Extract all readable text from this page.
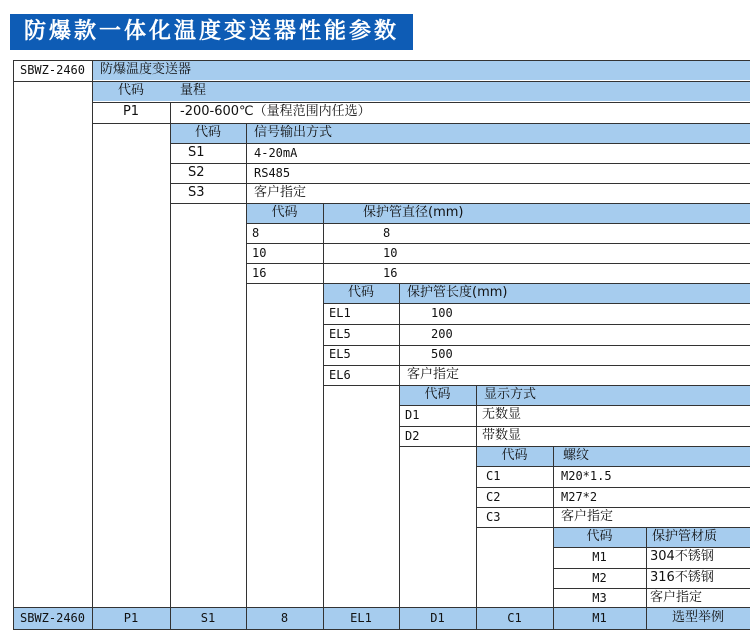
防爆款一体化温度变送器性能参数
SBWZ-2460	防爆温度变送器
代码	量程
P1	-200-600℃（量程范围内任选）
代码	信号输出方式
S1	4-20mA
S2	RS485
S3	客户指定
代码	保护管直径(mm)
8	8
10	10
16	16
代码	保护管长度(mm)
EL1	100
EL5	200
EL5	500
EL6	客户指定
代码	显示方式
D1	无数显
D2	带数显
代码	螺纹
C1	M20*1.5
C2	M27*2
C3	客户指定
代码	保护管材质
M1	304不锈钢
M2	316不锈钢
M3	客户指定
SBWZ-2460	P1	S1	8	EL1	D1	C1	M1	选型举例
